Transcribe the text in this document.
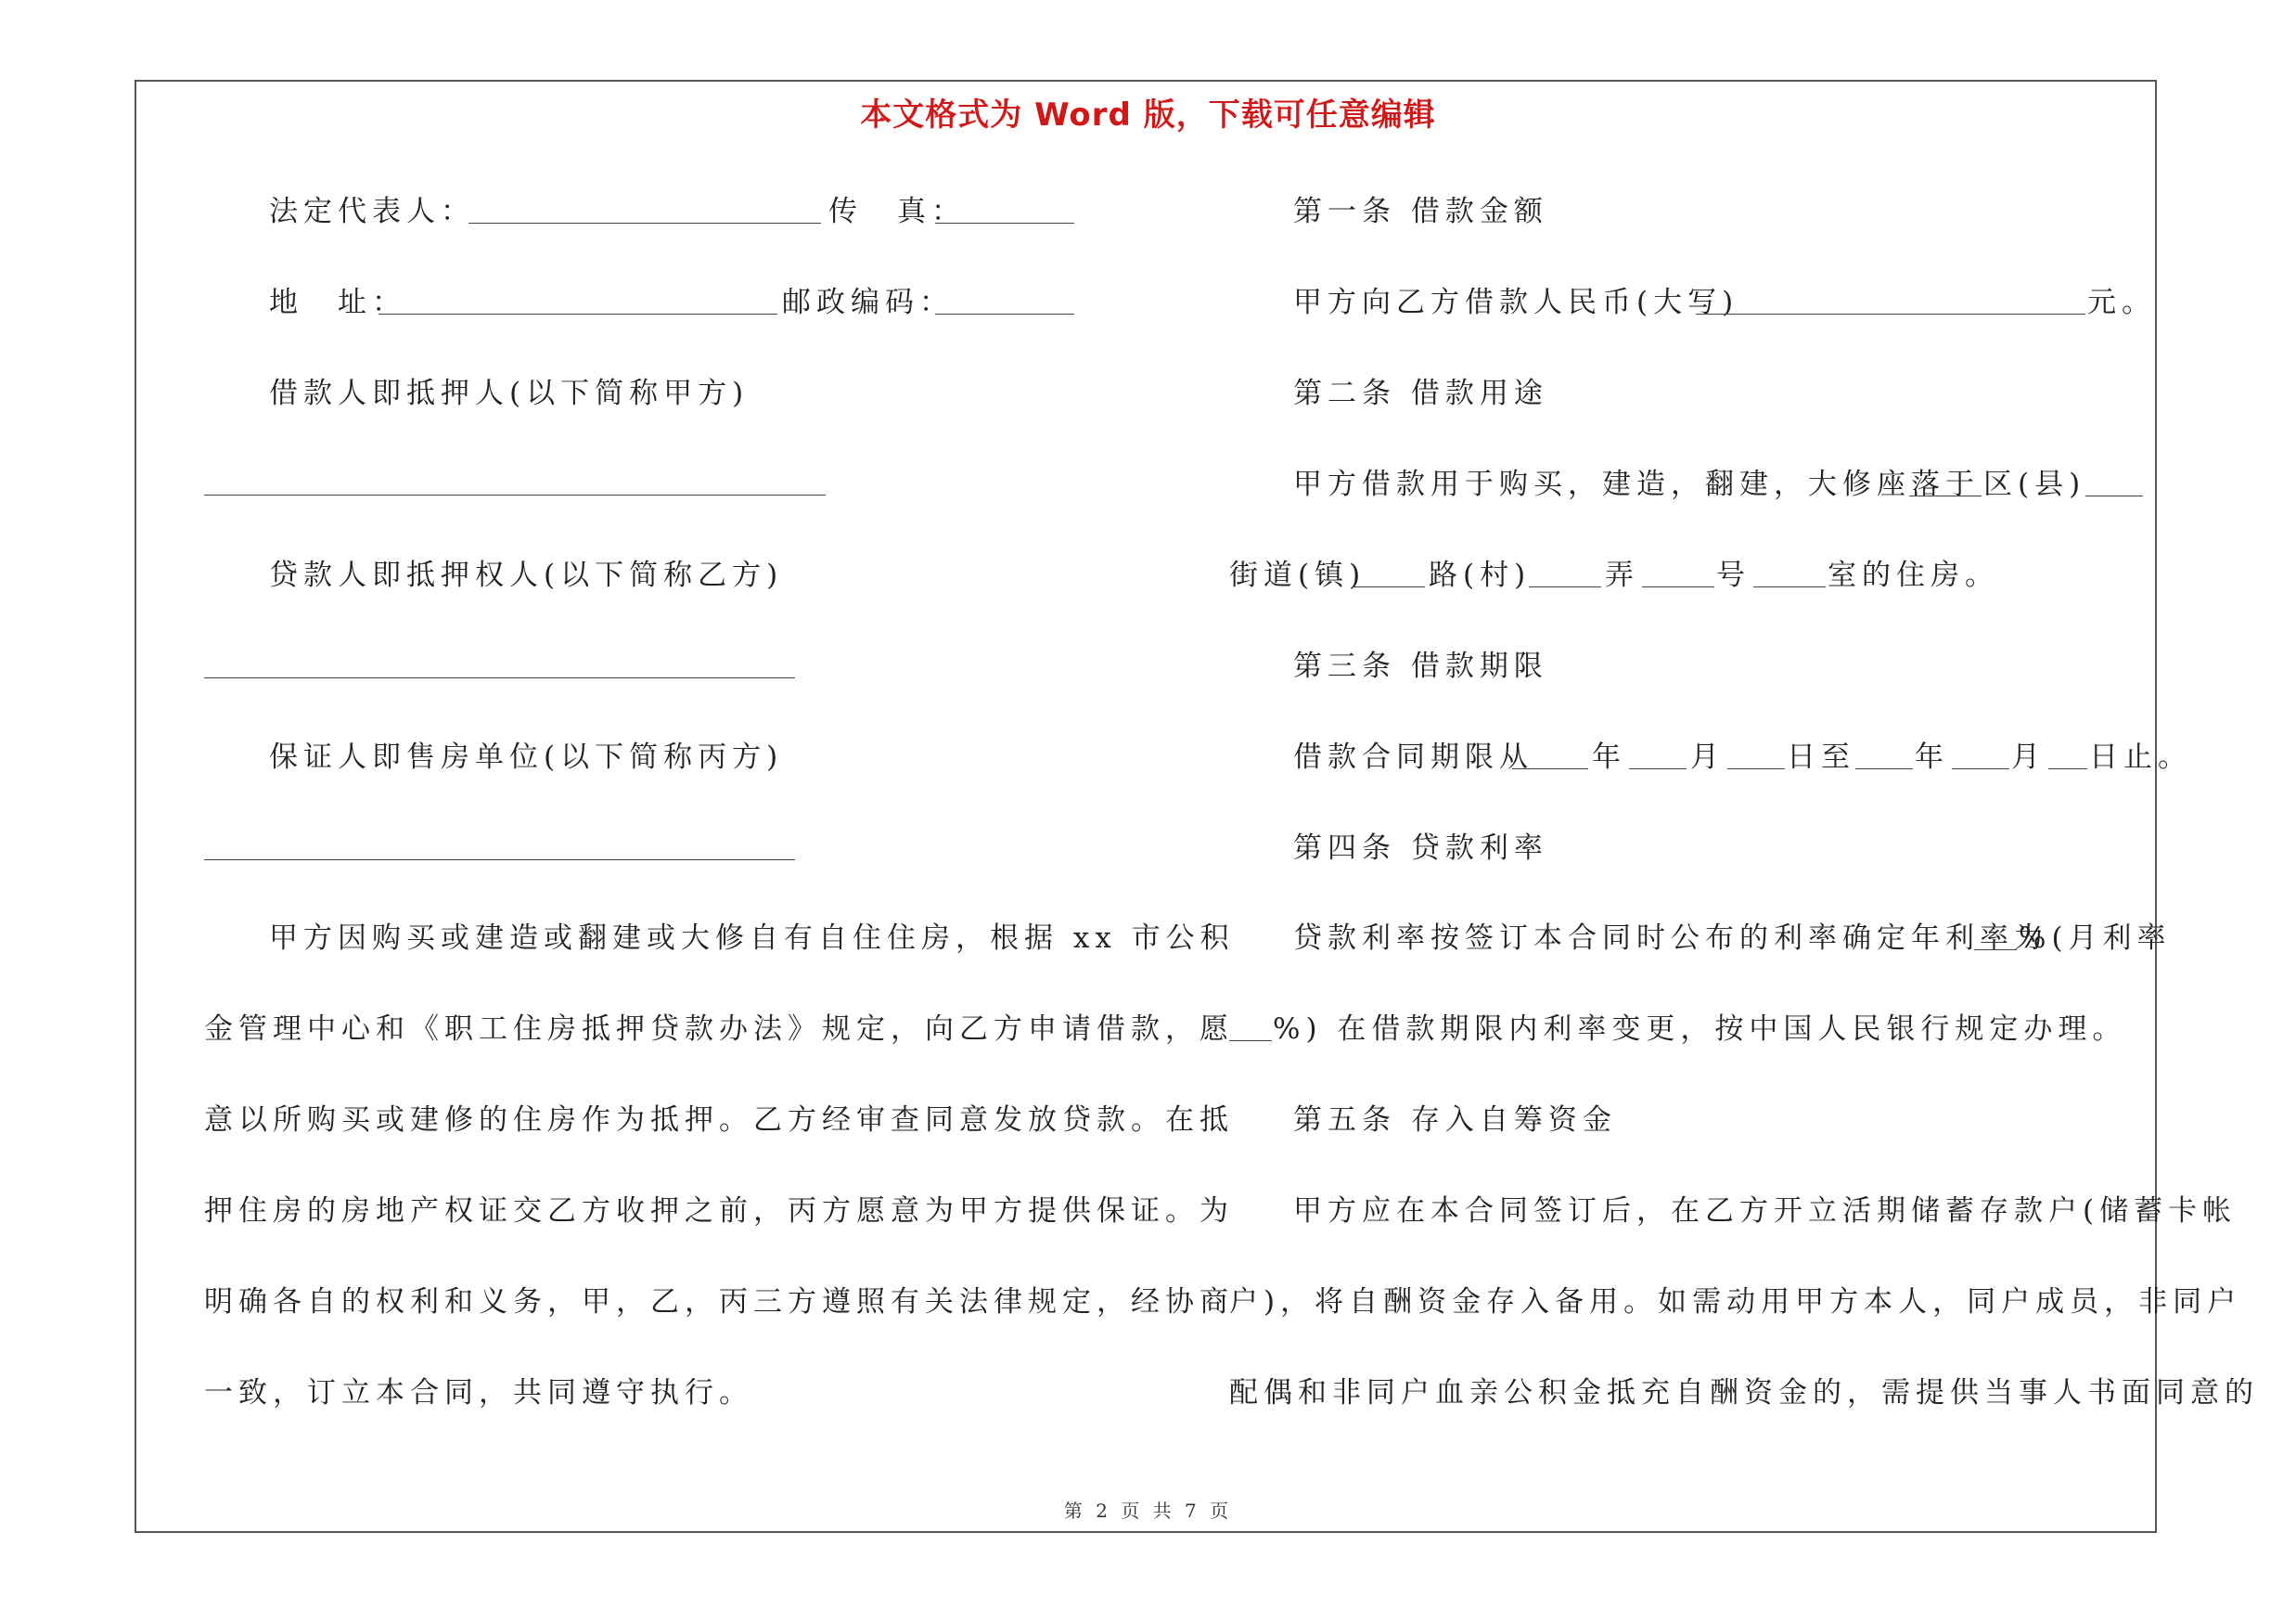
本文格式为 Word 版，下载可任意编辑
法定代表人：	传　真：
地　址：	邮政编码：
借款人即抵押人(以下简称甲方)
贷款人即抵押权人(以下简称乙方)
保证人即售房单位(以下简称丙方)
甲方因购买或建造或翻建或大修自有自住住房，根据 xx 市公积
金管理中心和《职工住房抵押贷款办法》规定，向乙方申请借款，愿
意以所购买或建修的住房作为抵押。乙方经审查同意发放贷款。在抵
押住房的房地产权证交乙方收押之前，丙方愿意为甲方提供保证。为
明确各自的权利和义务，甲，乙，丙三方遵照有关法律规定，经协商
一致，订立本合同，共同遵守执行。
第一条 借款金额
甲方向乙方借款人民币(大写)	元。
第二条 借款用途
甲方借款用于购买，建造，翻建，大修座落于 区(县)
街道(镇) 路(村)	弄	号	室的住房。
第三条 借款期限
借款合同期限从 年 月 日至 年 月 日止。
第四条 贷款利率
贷款利率按签订本合同时公布的利率确定年利率为
%(月利率
%) 在借款期限内利率变更，按中国人民银行规定办理。
第五条 存入自筹资金
甲方应在本合同签订后，在乙方开立活期储蓄存款户(储蓄卡帐
户)，将自酬资金存入备用。如需动用甲方本人，同户成员，非同户
配偶和非同户血亲公积金抵充自酬资金的，需提供当事人书面同意的
第 2 页 共 7 页
